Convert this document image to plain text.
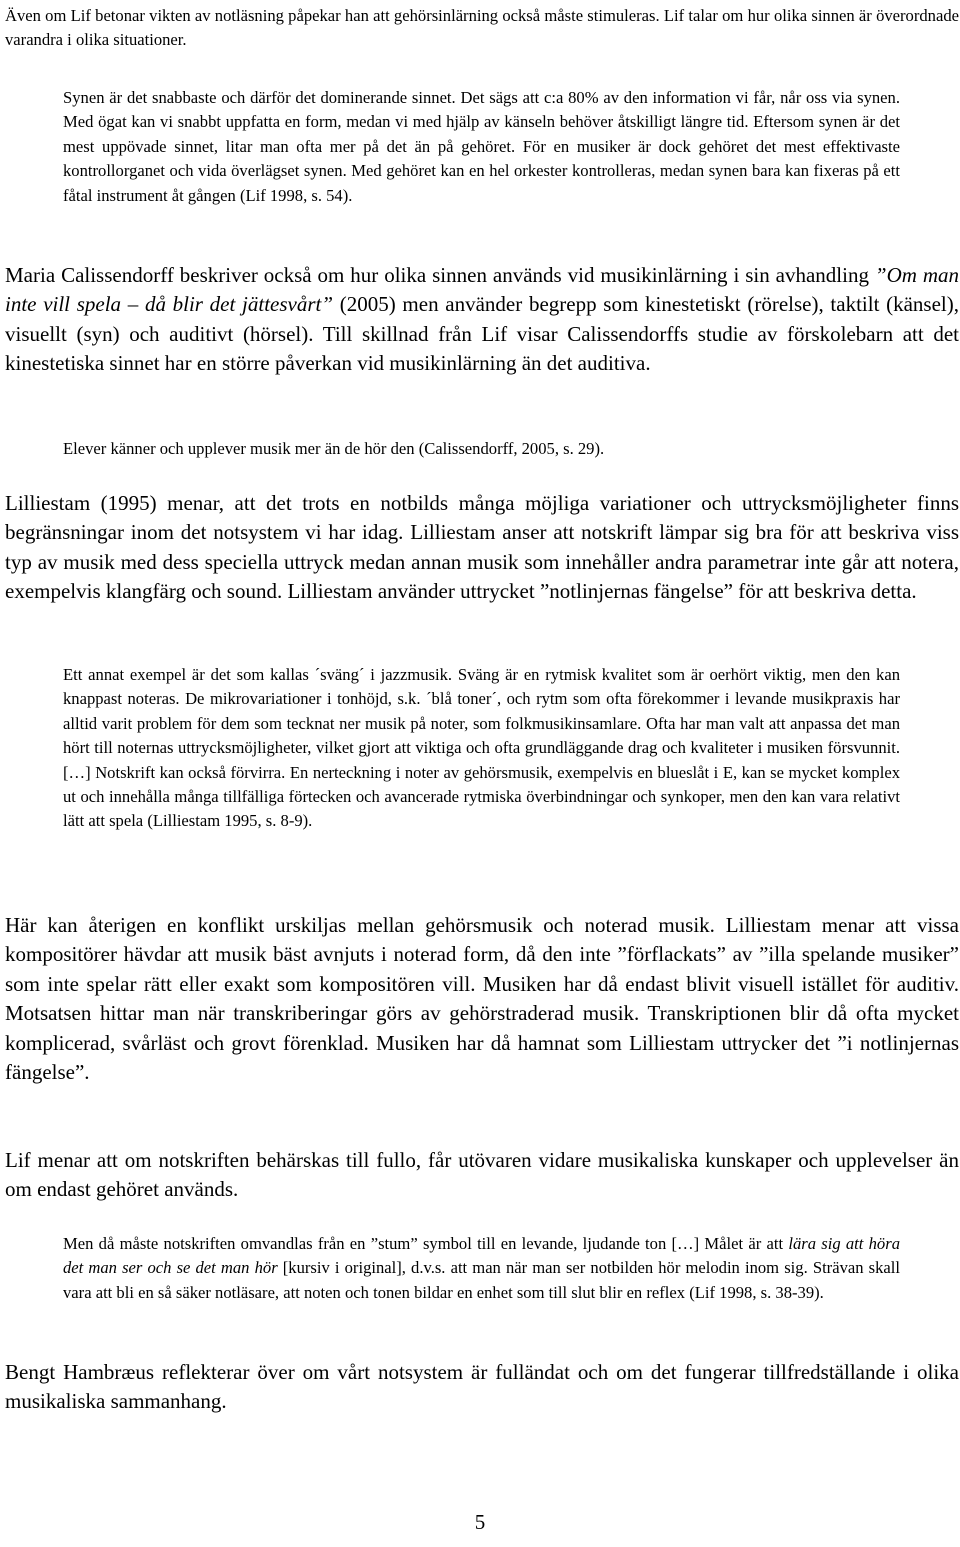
Även om Lif betonar vikten av notläsning påpekar han att gehörsinlärning också måste stimuleras. Lif talar om hur olika sinnen är överordnade varandra i olika situationer.

Synen är det snabbaste och därför det dominerande sinnet. Det sägs att c:a 80% av den information vi får, når oss via synen. Med ögat kan vi snabbt uppfatta en form, medan vi med hjälp av känseln behöver åtskilligt längre tid. Eftersom synen är det mest uppövade sinnet, litar man ofta mer på det än på gehöret. För en musiker är dock gehöret det mest effektivaste kontrollorganet och vida överlägset synen. Med gehöret kan en hel orkester kontrolleras, medan synen bara kan fixeras på ett fåtal instrument åt gången (Lif 1998, s. 54).

Maria Calissendorff beskriver också om hur olika sinnen används vid musikinlärning i sin avhandling ”Om man inte vill spela – då blir det jättesvårt” (2005) men använder begrepp som kinestetiskt (rörelse), taktilt (känsel), visuellt (syn) och auditivt (hörsel). Till skillnad från Lif visar Calissendorffs studie av förskolebarn att det kinestetiska sinnet har en större påverkan vid musikinlärning än det auditiva.

Elever känner och upplever musik mer än de hör den (Calissendorff, 2005, s. 29).

Lilliestam (1995) menar, att det trots en notbilds många möjliga variationer och uttrycksmöjligheter finns begränsningar inom det notsystem vi har idag. Lilliestam anser att notskrift lämpar sig bra för att beskriva viss typ av musik med dess speciella uttryck medan annan musik som innehåller andra parametrar inte går att notera, exempelvis klangfärg och sound. Lilliestam använder uttrycket ”notlinjernas fängelse” för att beskriva detta.

Ett annat exempel är det som kallas ´sväng´ i jazzmusik. Sväng är en rytmisk kvalitet som är oerhört viktig, men den kan knappast noteras. De mikrovariationer i tonhöjd, s.k. ´blå toner´, och rytm som ofta förekommer i levande musikpraxis har alltid varit problem för dem som tecknat ner musik på noter, som folkmusikinsamlare. Ofta har man valt att anpassa det man hört till noternas uttrycksmöjligheter, vilket gjort att viktiga och ofta grundläggande drag och kvaliteter i musiken försvunnit. […] Notskrift kan också förvirra. En nerteckning i noter av gehörsmusik, exempelvis en blueslåt i E, kan se mycket komplex ut och innehålla många tillfälliga förtecken och avancerade rytmiska överbindningar och synkoper, men den kan vara relativt lätt att spela (Lilliestam 1995, s. 8-9).

Här kan återigen en konflikt urskiljas mellan gehörsmusik och noterad musik. Lilliestam menar att vissa kompositörer hävdar att musik bäst avnjuts i noterad form, då den inte ”förflackats” av ”illa spelande musiker” som inte spelar rätt eller exakt som kompositören vill. Musiken har då endast blivit visuell istället för auditiv. Motsatsen hittar man när transkriberingar görs av gehörstraderad musik. Transkriptionen blir då ofta mycket komplicerad, svårläst och grovt förenklad. Musiken har då hamnat som Lilliestam uttrycker det ”i notlinjernas fängelse”.

Lif menar att om notskriften behärskas till fullo, får utövaren vidare musikaliska kunskaper och upplevelser än om endast gehöret används.

Men då måste notskriften omvandlas från en ”stum” symbol till en levande, ljudande ton […] Målet är att lära sig att höra det man ser och se det man hör [kursiv i original], d.v.s. att man när man ser notbilden hör melodin inom sig. Strävan skall vara att bli en så säker notläsare, att noten och tonen bildar en enhet som till slut blir en reflex (Lif 1998, s. 38-39).

Bengt Hambræus reflekterar över om vårt notsystem är fulländat och om det fungerar tillfredställande i olika musikaliska sammanhang.

5
